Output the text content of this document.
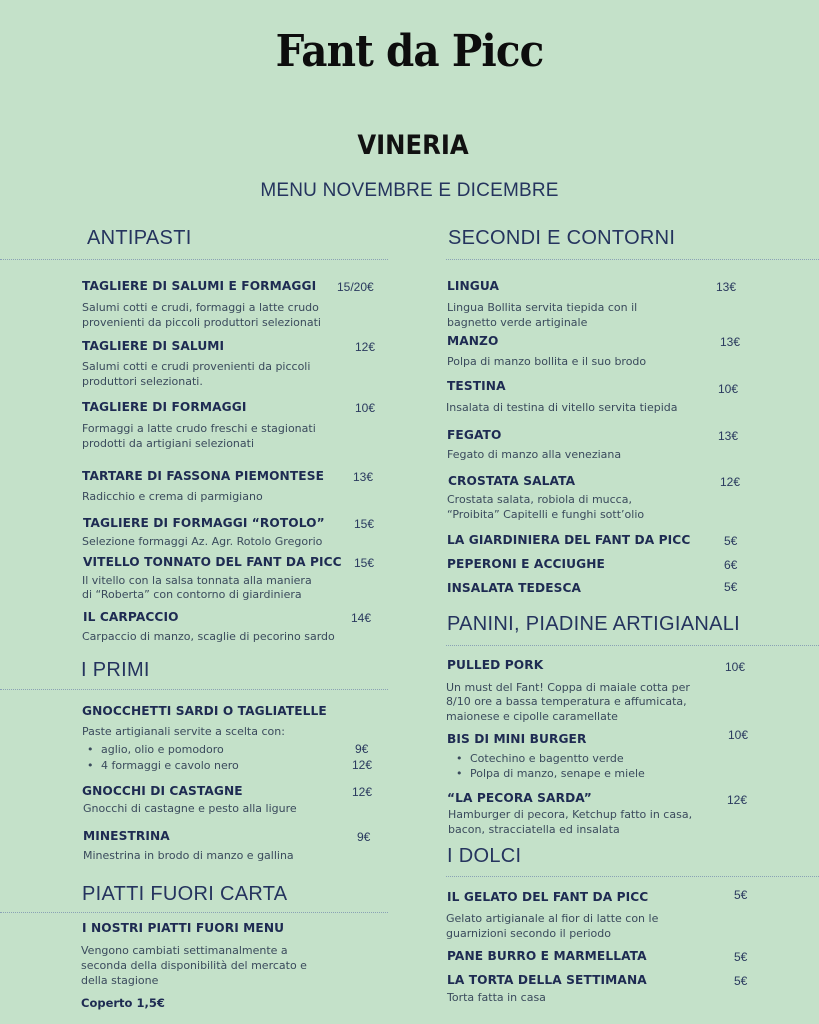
Fant da Picc
VINERIA
MENU NOVEMBRE E DICEMBRE
ANTIPASTI
TAGLIERE DI SALUMI E FORMAGGI 15/20€
Salumi cotti e crudi, formaggi a latte crudo
provenienti da piccoli produttori selezionati
TAGLIERE DI SALUMI	12€
Salumi cotti e crudi provenienti da piccoli
produttori selezionati.
TAGLIERE DI FORMAGGI	10€
Formaggi a latte crudo freschi e stagionati
prodotti da artigiani selezionati
TARTARE DI FASSONA PIEMONTESE 13€
Radicchio e crema di parmigiano
TAGLIERE DI FORMAGGI “ROTOLO” 15€
Selezione formaggi Az. Agr. Rotolo Gregorio
VITELLO TONNATO DEL FANT DA PICC 15€
Il vitello con la salsa tonnata alla maniera
di “Roberta” con contorno di giardiniera
IL CARPACCIO	14€
Carpaccio di manzo, scaglie di pecorino sardo
I PRIMI
GNOCCHETTI SARDI O TAGLIATELLE
Paste artigianali servite a scelta con:
• aglio, olio e pomodoro	9€
• 4 formaggi e cavolo nero	12€
GNOCCHI DI CASTAGNE	12€
Gnocchi di castagne e pesto alla ligure
MINESTRINA	9€
Minestrina in brodo di manzo e gallina
PIATTI FUORI CARTA
I NOSTRI PIATTI FUORI MENU
Vengono cambiati settimanalmente a
seconda della disponibilità del mercato e
della stagione
Coperto 1,5€
SECONDI E CONTORNI
LINGUA	13€
Lingua Bollita servita tiepida con il
bagnetto verde artiginale
MANZO	13€
Polpa di manzo bollita e il suo brodo
TESTINA	10€
Insalata di testina di vitello servita tiepida
FEGATO	13€
Fegato di manzo alla veneziana
CROSTATA SALATA	12€
Crostata salata, robiola di mucca,
“Proibita” Capitelli e funghi sott’olio
LA GIARDINIERA DEL FANT DA PICC	5€
PEPERONI E ACCIUGHE	6€
INSALATA TEDESCA	5€
PANINI, PIADINE ARTIGIANALI
PULLED PORK	10€
Un must del Fant! Coppa di maiale cotta per
8/10 ore a bassa temperatura e affumicata,
maionese e cipolle caramellate
BIS DI MINI BURGER	10€
• Cotechino e bagentto verde
• Polpa di manzo, senape e miele
“LA PECORA SARDA”	12€
Hamburger di pecora, Ketchup fatto in casa,
bacon, stracciatella ed insalata
I DOLCI
IL GELATO DEL FANT DA PICC	5€
Gelato artigianale al fior di latte con le
guarnizioni secondo il periodo
PANE BURRO E MARMELLATA	5€
LA TORTA DELLA SETTIMANA	5€
Torta fatta in casa
